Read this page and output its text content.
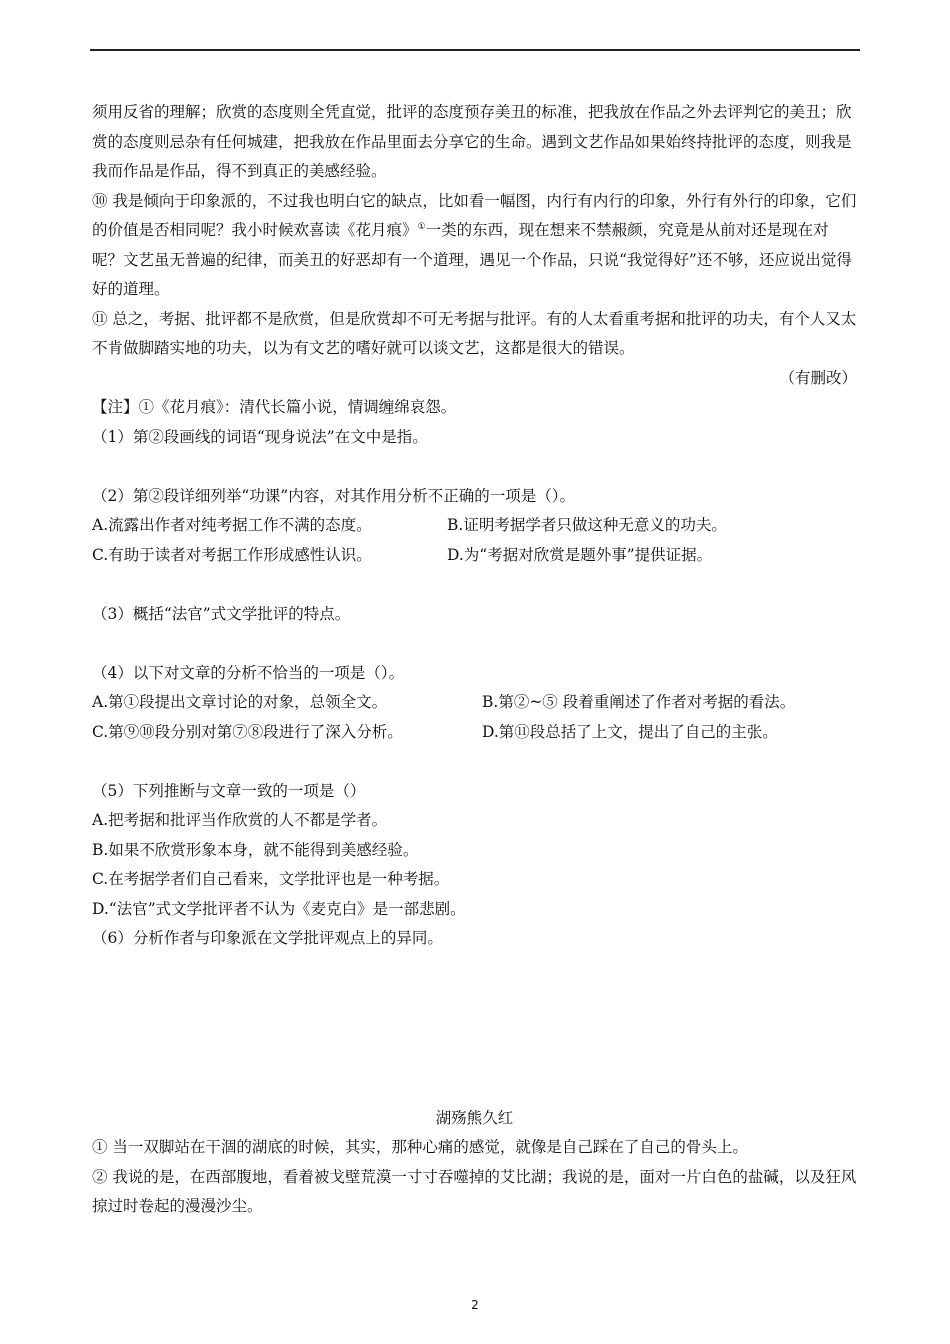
须用反省的理解；欣赏的态度则全凭直觉，批评的态度预存美丑的标准，把我放在作品之外去评判它的美丑；欣赏的态度则忌杂有任何城建，把我放在作品里面去分享它的生命。遇到文艺作品如果始终持批评的态度，则我是我而作品是作品，得不到真正的美感经验。

⑩ 我是倾向于印象派的，不过我也明白它的缺点，比如看一幅图，内行有内行的印象，外行有外行的印象，它们的价值是否相同呢？我小时候欢喜读《花月痕》①一类的东西，现在想来不禁赧颜，究竟是从前对还是现在对呢？文艺虽无普遍的纪律，而美丑的好恶却有一个道理，遇见一个作品，只说“我觉得好”还不够，还应说出觉得好的道理。

⑪ 总之，考据、批评都不是欣赏，但是欣赏却不可无考据与批评。有的人太看重考据和批评的功夫，有个人又太不肯做脚踏实地的功夫，以为有文艺的嗜好就可以谈文艺，这都是很大的错误。

（有删改）

【注】①《花月痕》：清代长篇小说，情调缠绵哀怨。

（1）第②段画线的词语“现身说法”在文中是指。

（2）第②段详细列举“功课”内容，对其作用分析不正确的一项是（）。

A.流露出作者对纯考据工作不满的态度。	B.证明考据学者只做这种无意义的功夫。
C.有助于读者对考据工作形成感性认识。	D.为“考据对欣赏是题外事”提供证据。

（3）概括“法官”式文学批评的特点。

（4）以下对文章的分析不恰当的一项是（）。

A.第①段提出文章讨论的对象，总领全文。	B.第②~⑤ 段着重阐述了作者对考据的看法。
C.第⑨⑩段分别对第⑦⑧段进行了深入分析。	D.第⑪段总括了上文，提出了自己的主张。

（5）下列推断与文章一致的一项是（）

A.把考据和批评当作欣赏的人不都是学者。

B.如果不欣赏形象本身，就不能得到美感经验。

C.在考据学者们自己看来，文学批评也是一种考据。

D.“法官”式文学批评者不认为《麦克白》是一部悲剧。

（6）分析作者与印象派在文学批评观点上的异同。

湖殇熊久红

① 当一双脚站在干涸的湖底的时候，其实，那种心痛的感觉，就像是自己踩在了自己的骨头上。

② 我说的是，在西部腹地，看着被戈壁荒漠一寸寸吞噬掉的艾比湖；我说的是，面对一片白色的盐碱，以及狂风掠过时卷起的漫漫沙尘。

2
